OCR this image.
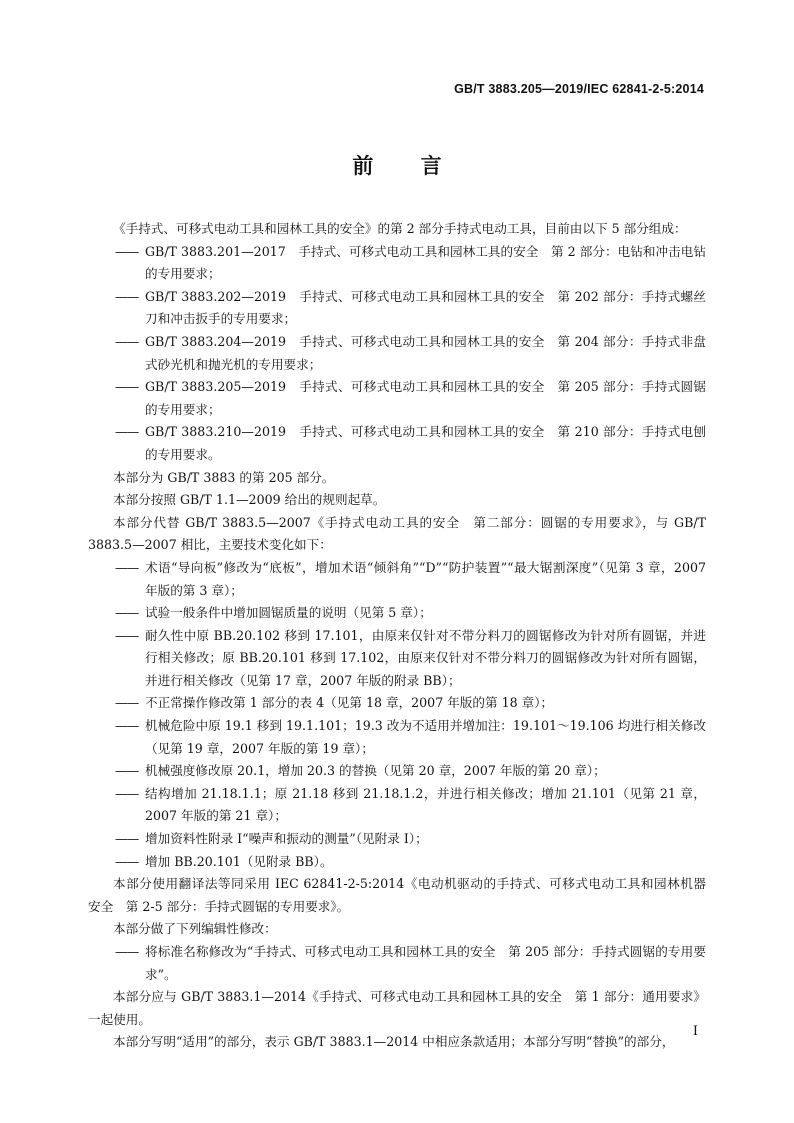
GB/T 3883.205—2019/IEC 62841-2-5:2014
前 言

《手持式、可移式电动工具和园林工具的安全》的第 2 部分手持式电动工具，目前由以下 5 部分组成：

—— GB/T 3883.201—2017　手持式、可移式电动工具和园林工具的安全　第 2 部分：电钻和冲击电钻的专用要求；
—— GB/T 3883.202—2019　手持式、可移式电动工具和园林工具的安全　第 202 部分：手持式螺丝刀和冲击扳手的专用要求；
—— GB/T 3883.204—2019　手持式、可移式电动工具和园林工具的安全　第 204 部分：手持式非盘式砂光机和抛光机的专用要求；
—— GB/T 3883.205—2019　手持式、可移式电动工具和园林工具的安全　第 205 部分：手持式圆锯的专用要求；
—— GB/T 3883.210—2019　手持式、可移式电动工具和园林工具的安全　第 210 部分：手持式电刨的专用要求。

本部分为 GB/T 3883 的第 205 部分。

本部分按照 GB/T 1.1—2009 给出的规则起草。

本部分代替 GB/T 3883.5—2007《手持式电动工具的安全　第二部分：圆锯的专用要求》，与 GB/T 3883.5—2007 相比，主要技术变化如下：

—— 术语“导向板”修改为“底板”，增加术语“倾斜角”“D”“防护装置”“最大锯割深度”（见第 3 章，2007 年版的第 3 章）；
—— 试验一般条件中增加圆锯质量的说明（见第 5 章）；
—— 耐久性中原 BB.20.102 移到 17.101，由原来仅针对不带分料刀的圆锯修改为针对所有圆锯，并进行相关修改；原 BB.20.101 移到 17.102，由原来仅针对不带分料刀的圆锯修改为针对所有圆锯，并进行相关修改（见第 17 章，2007 年版的附录 BB）；
—— 不正常操作修改第 1 部分的表 4（见第 18 章，2007 年版的第 18 章）；
—— 机械危险中原 19.1 移到 19.1.101；19.3 改为不适用并增加注：19.101～19.106 均进行相关修改（见第 19 章，2007 年版的第 19 章）；
—— 机械强度修改原 20.1，增加 20.3 的替换（见第 20 章，2007 年版的第 20 章）；
—— 结构增加 21.18.1.1；原 21.18 移到 21.18.1.2，并进行相关修改；增加 21.101（见第 21 章，2007 年版的第 21 章）；
—— 增加资料性附录 I“噪声和振动的测量”（见附录 I）；
—— 增加 BB.20.101（见附录 BB）。

本部分使用翻译法等同采用 IEC 62841-2-5:2014《电动机驱动的手持式、可移式电动工具和园林机器　安全　第 2-5 部分：手持式圆锯的专用要求》。

本部分做了下列编辑性修改：

—— 将标准名称修改为“手持式、可移式电动工具和园林工具的安全　第 205 部分：手持式圆锯的专用要求”。

本部分应与 GB/T 3883.1—2014《手持式、可移式电动工具和园林工具的安全　第 1 部分：通用要求》一起使用。

本部分写明“适用”的部分，表示 GB/T 3883.1—2014 中相应条款适用；本部分写明“替换”的部分，

I
